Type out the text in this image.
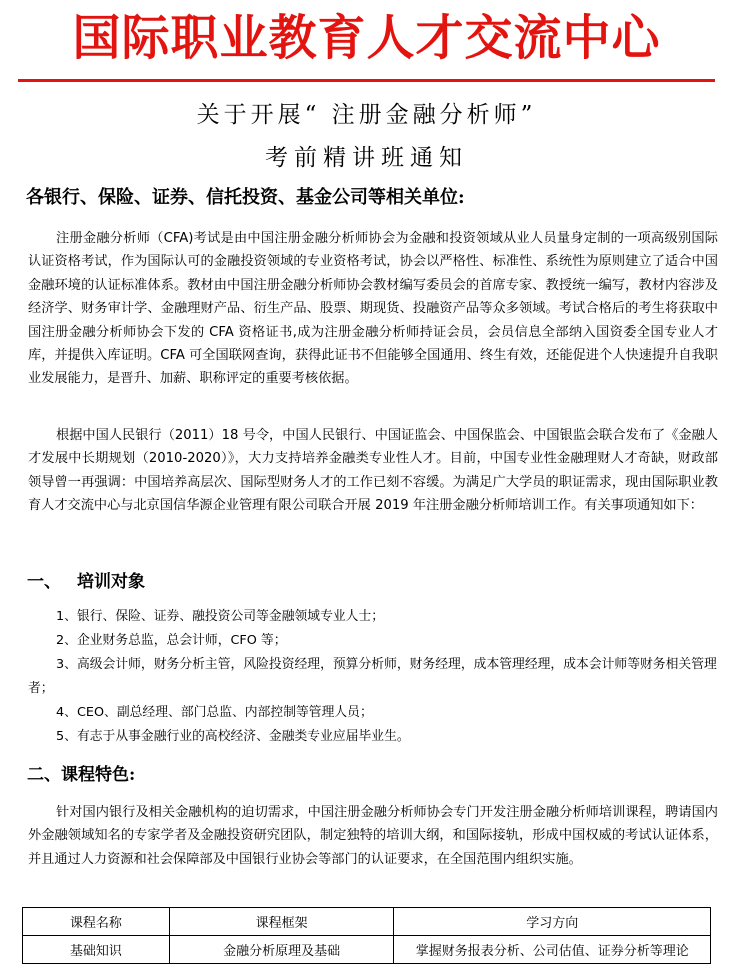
国际职业教育人才交流中心
关于开展“ 注册金融分析师”
考前精讲班通知
各银行、保险、证券、信托投资、基金公司等相关单位:

注册金融分析师（CFA)考试是由中国注册金融分析师协会为金融和投资领域从业人员量身定制的一项高级别国际认证资格考试，作为国际认可的金融投资领域的专业资格考试，协会以严格性、标准性、系统性为原则建立了适合中国金融环境的认证标准体系。教材由中国注册金融分析师协会教材编写委员会的首席专家、教授统一编写，教材内容涉及经济学、财务审计学、金融理财产品、衍生产品、股票、期现货、投融资产品等众多领域。考试合格后的考生将获取中国注册金融分析师协会下发的 CFA 资格证书,成为注册金融分析师持证会员，会员信息全部纳入国资委全国专业人才库，并提供入库证明。CFA 可全国联网查询，获得此证书不但能够全国通用、终生有效，还能促进个人快速提升自我职业发展能力，是晋升、加薪、职称评定的重要考核依据。

根据中国人民银行（2011）18 号令，中国人民银行、中国证监会、中国保监会、中国银监会联合发布了《金融人才发展中长期规划（2010-2020）》，大力支持培养金融类专业性人才。目前，中国专业性金融理财人才奇缺，财政部领导曾一再强调：中国培养高层次、国际型财务人才的工作已刻不容缓。为满足广大学员的职证需求，现由国际职业教育人才交流中心与北京国信华源企业管理有限公司联合开展 2019 年注册金融分析师培训工作。有关事项通知如下：

一、 培训对象
1、银行、保险、证券、融投资公司等金融领域专业人士；
2、企业财务总监，总会计师，CFO 等；
3、高级会计师，财务分析主管，风险投资经理，预算分析师，财务经理，成本管理经理，成本会计师等财务相关管理者；
4、CEO、副总经理、部门总监、内部控制等管理人员；
5、有志于从事金融行业的高校经济、金融类专业应届毕业生。
二、课程特色:

针对国内银行及相关金融机构的迫切需求，中国注册金融分析师协会专门开发注册金融分析师培训课程，聘请国内外金融领域知名的专家学者及金融投资研究团队，制定独特的培训大纲，和国际接轨，形成中国权威的考试认证体系，并且通过人力资源和社会保障部及中国银行业协会等部门的认证要求，在全国范围内组织实施。

课程名称	课程框架	学习方向
基础知识	金融分析原理及基础	掌握财务报表分析、公司估值、证券分析等理论
